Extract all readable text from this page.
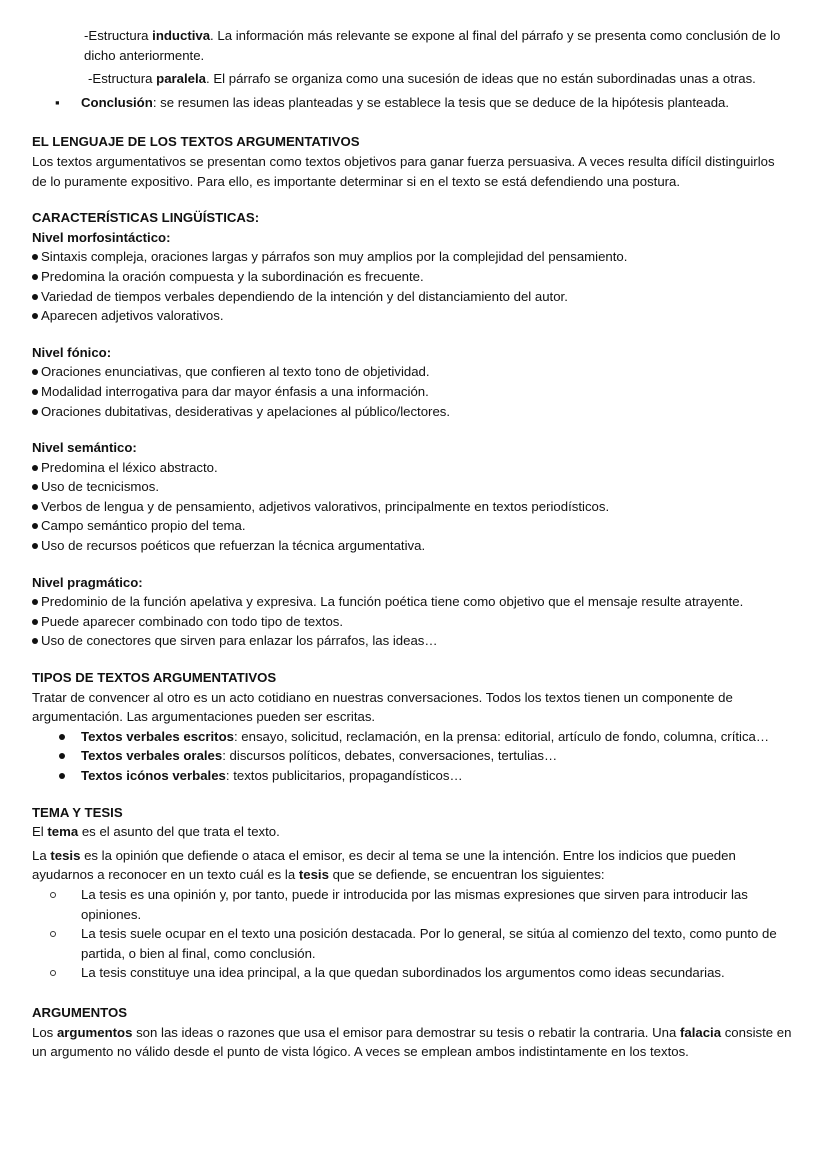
-Estructura inductiva. La información más relevante se expone al final del párrafo y se presenta como conclusión de lo dicho anteriormente.

-Estructura paralela. El párrafo se organiza como una sucesión de ideas que no están subordinadas unas a otras.

▪ Conclusión: se resumen las ideas planteadas y se establece la tesis que se deduce de la hipótesis planteada.

EL LENGUAJE DE LOS TEXTOS ARGUMENTATIVOS

Los textos argumentativos se presentan como textos objetivos para ganar fuerza persuasiva. A veces resulta difícil distinguirlos de lo puramente expositivo. Para ello, es importante determinar si en el texto se está defendiendo una postura.

CARACTERÍSTICAS LINGÜÍSTICAS:

Nivel morfosintáctico:

Sintaxis compleja, oraciones largas y párrafos son muy amplios por la complejidad del pensamiento.

Predomina la oración compuesta y la subordinación es frecuente.

Variedad de tiempos verbales dependiendo de la intención y del distanciamiento del autor.

Aparecen adjetivos valorativos.

Nivel fónico:

Oraciones enunciativas, que confieren al texto tono de objetividad.

Modalidad interrogativa para dar mayor énfasis a una información.

Oraciones dubitativas, desiderativas y apelaciones al público/lectores.

Nivel semántico:

Predomina el léxico abstracto.

Uso de tecnicismos.

Verbos de lengua y de pensamiento, adjetivos valorativos, principalmente en textos periodísticos.

Campo semántico propio del tema.

Uso de recursos poéticos que refuerzan la técnica argumentativa.

Nivel pragmático:

Predominio de la función apelativa y expresiva. La función poética tiene como objetivo que el mensaje resulte atrayente.

Puede aparecer combinado con todo tipo de textos.

Uso de conectores que sirven para enlazar los párrafos, las ideas…

TIPOS DE TEXTOS ARGUMENTATIVOS

Tratar de convencer al otro es un acto cotidiano en nuestras conversaciones. Todos los textos tienen un componente de argumentación. Las argumentaciones pueden ser escritas.

Textos verbales escritos: ensayo, solicitud, reclamación, en la prensa: editorial, artículo de fondo, columna, crítica…

Textos verbales orales: discursos políticos, debates, conversaciones, tertulias…

Textos icónos verbales: textos publicitarios, propagandísticos…

TEMA Y TESIS

El tema es el asunto del que trata el texto.

La tesis es la opinión que defiende o ataca el emisor, es decir al tema se une la intención. Entre los indicios que pueden ayudarnos a reconocer en un texto cuál es la tesis que se defiende, se encuentran los siguientes:

La tesis es una opinión y, por tanto, puede ir introducida por las mismas expresiones que sirven para introducir las opiniones.

La tesis suele ocupar en el texto una posición destacada. Por lo general, se sitúa al comienzo del texto, como punto de partida, o bien al final, como conclusión.

La tesis constituye una idea principal, a la que quedan subordinados los argumentos como ideas secundarias.

ARGUMENTOS

Los argumentos son las ideas o razones que usa el emisor para demostrar su tesis o rebatir la contraria. Una falacia consiste en un argumento no válido desde el punto de vista lógico. A veces se emplean ambos indistintamente en los textos.
